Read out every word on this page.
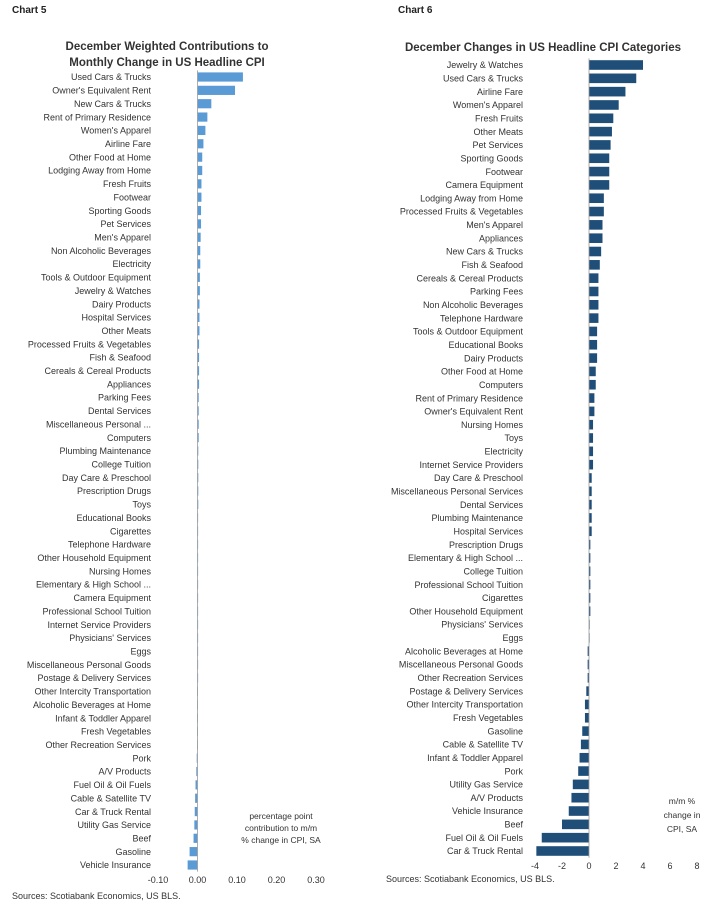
Chart 5	Chart 6
December Weighted Contributions to
Monthly Change in US Headline CPI
Used Cars & Trucks
Owner's Equivalent Rent
New Cars & Trucks
Rent of Primary Residence
Women's Apparel
Airline Fare
Other Food at Home
Lodging Away from Home
Fresh Fruits
Footwear
Sporting Goods
Pet Services
Men's Apparel
Non Alcoholic Beverages
Electricity
Tools & Outdoor Equipment
Jewelry & Watches
Dairy Products
Hospital Services
Other Meats
Processed Fruits & Vegetables
Fish & Seafood
Cereals & Cereal Products
Appliances
Parking Fees
Dental Services
Miscellaneous Personal ...
Computers
Plumbing Maintenance
College Tuition
Day Care & Preschool
Prescription Drugs
Toys
Educational Books
Cigarettes
Telephone Hardware
Other Household Equipment
Nursing Homes
Elementary & High School ...
Camera Equipment
Professional School Tuition
Internet Service Providers
Physicians' Services
Eggs
Miscellaneous Personal Goods
Postage & Delivery Services
Other Intercity Transportation
Alcoholic Beverages at Home
Infant & Toddler Apparel
Fresh Vegetables
Other Recreation Services
Pork
A/V Products
Fuel Oil & Oil Fuels
Cable & Satellite TV
Car & Truck Rental
Utility Gas Service
Beef
Gasoline
Vehicle Insurance
-0.10 0.00 0.10 0.20 0.30
percentage point
contribution to m/m
% change in CPI, SA
Sources: Scotiabank Economics, US BLS.
December Changes in US Headline CPI Categories
Jewelry & Watches
Used Cars & Trucks
Airline Fare
Women's Apparel
Fresh Fruits
Other Meats
Pet Services
Sporting Goods
Footwear
Camera Equipment
Lodging Away from Home
Processed Fruits & Vegetables
Men's Apparel
Appliances
New Cars & Trucks
Fish & Seafood
Cereals & Cereal Products
Parking Fees
Non Alcoholic Beverages
Telephone Hardware
Tools & Outdoor Equipment
Educational Books
Dairy Products
Other Food at Home
Computers
Rent of Primary Residence
Owner's Equivalent Rent
Nursing Homes
Toys
Electricity
Internet Service Providers
Day Care & Preschool
Miscellaneous Personal Services
Dental Services
Plumbing Maintenance
Hospital Services
Prescription Drugs
Elementary & High School ...
College Tuition
Professional School Tuition
Cigarettes
Other Household Equipment
Physicians' Services
Eggs
Alcoholic Beverages at Home
Miscellaneous Personal Goods
Other Recreation Services
Postage & Delivery Services
Other Intercity Transportation
Fresh Vegetables
Gasoline
Cable & Satellite TV
Infant & Toddler Apparel
Pork
Utility Gas Service
A/V Products
Vehicle Insurance
Beef
Fuel Oil & Oil Fuels
Car & Truck Rental
-4 -2 0 2 4 6 8
m/m %
change in
CPI, SA
Sources: Scotiabank Economics, US BLS.
